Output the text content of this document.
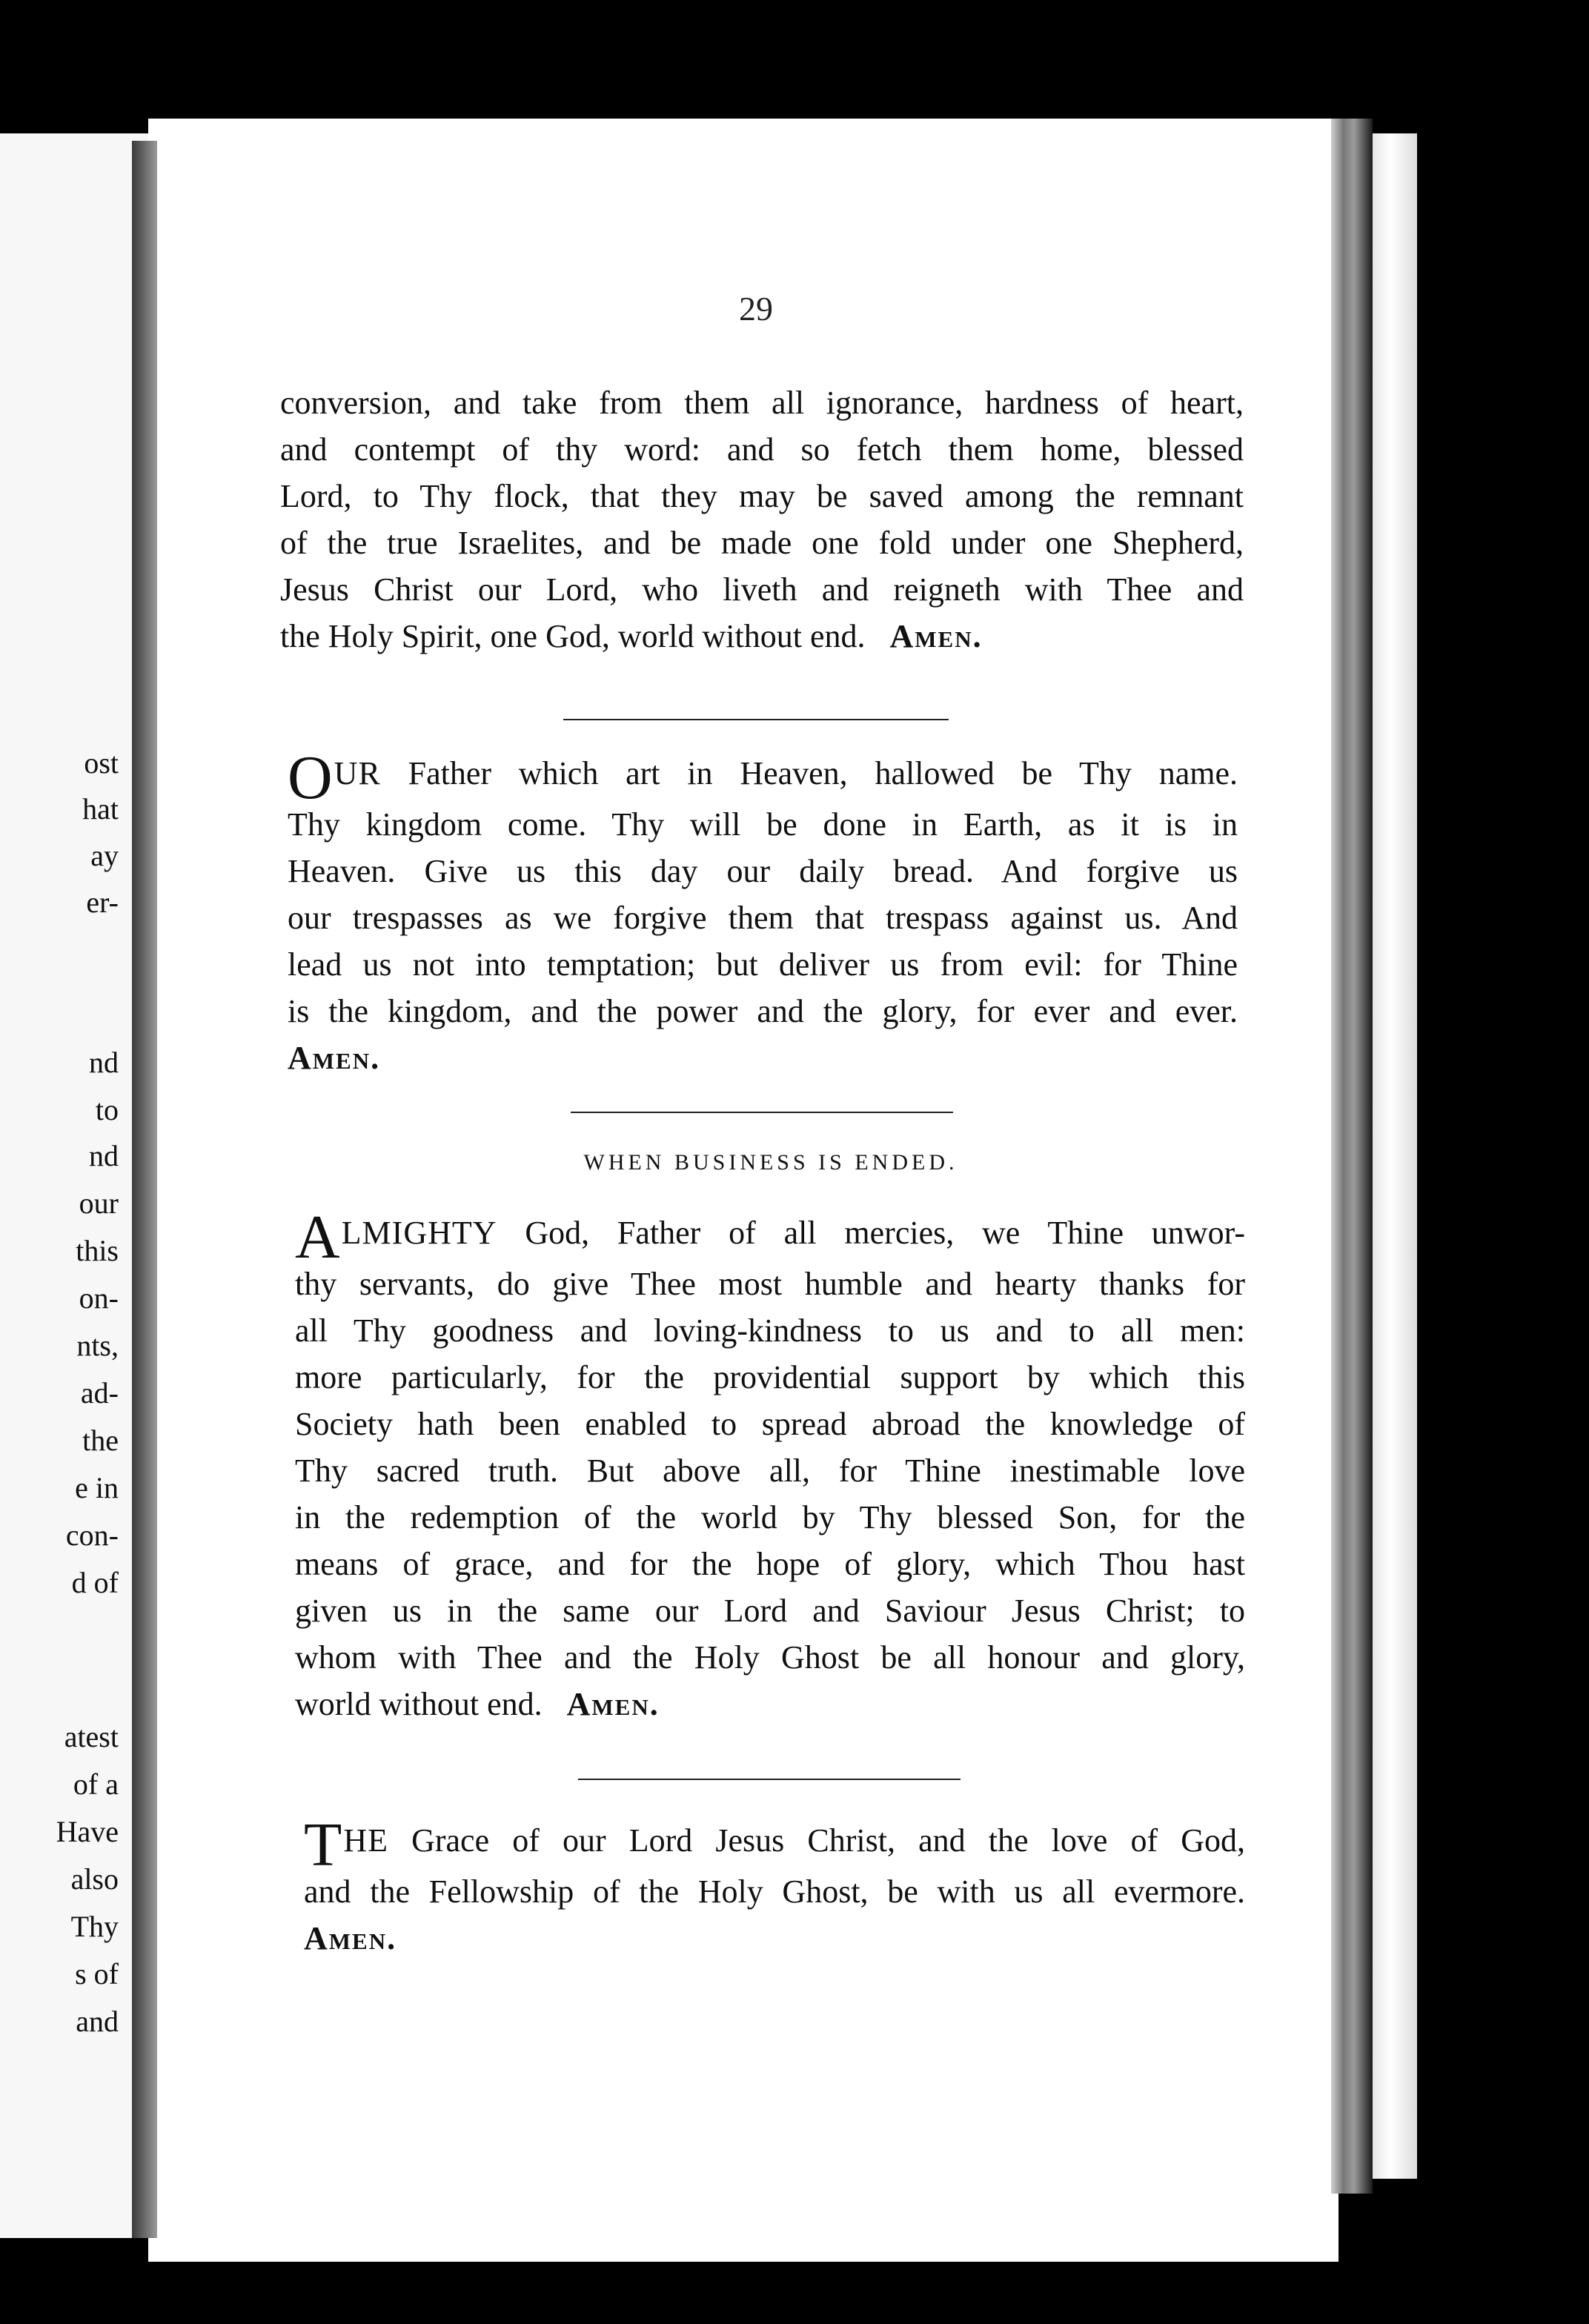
ost
hat
ay
er-
nd
to
nd
our
this
on-
nts,
ad-
the
e in
con-
d of
atest
of a
Have
also
Thy
s of
and
29

conversion, and take from them all ignorance, hardness of heart,

and contempt of thy word: and so fetch them home, blessed

Lord, to Thy flock, that they may be saved among the remnant

of the true Israelites, and be made one fold under one Shepherd,

Jesus Christ our Lord, who liveth and reigneth with Thee and

the Holy Spirit, one God, world without end. Amen.

OUR Father which art in Heaven, hallowed be Thy name.

Thy kingdom come. Thy will be done in Earth, as it is in

Heaven. Give us this day our daily bread. And forgive us

our trespasses as we forgive them that trespass against us. And

lead us not into temptation; but deliver us from evil: for Thine

is the kingdom, and the power and the glory, for ever and ever.

Amen.

WHEN BUSINESS IS ENDED.

ALMIGHTY God, Father of all mercies, we Thine unwor-

thy servants, do give Thee most humble and hearty thanks for

all Thy goodness and loving-kindness to us and to all men:

more particularly, for the providential support by which this

Society hath been enabled to spread abroad the knowledge of

Thy sacred truth. But above all, for Thine inestimable love

in the redemption of the world by Thy blessed Son, for the

means of grace, and for the hope of glory, which Thou hast

given us in the same our Lord and Saviour Jesus Christ; to

whom with Thee and the Holy Ghost be all honour and glory,

world without end. Amen.

THE Grace of our Lord Jesus Christ, and the love of God,

and the Fellowship of the Holy Ghost, be with us all evermore.

Amen.
